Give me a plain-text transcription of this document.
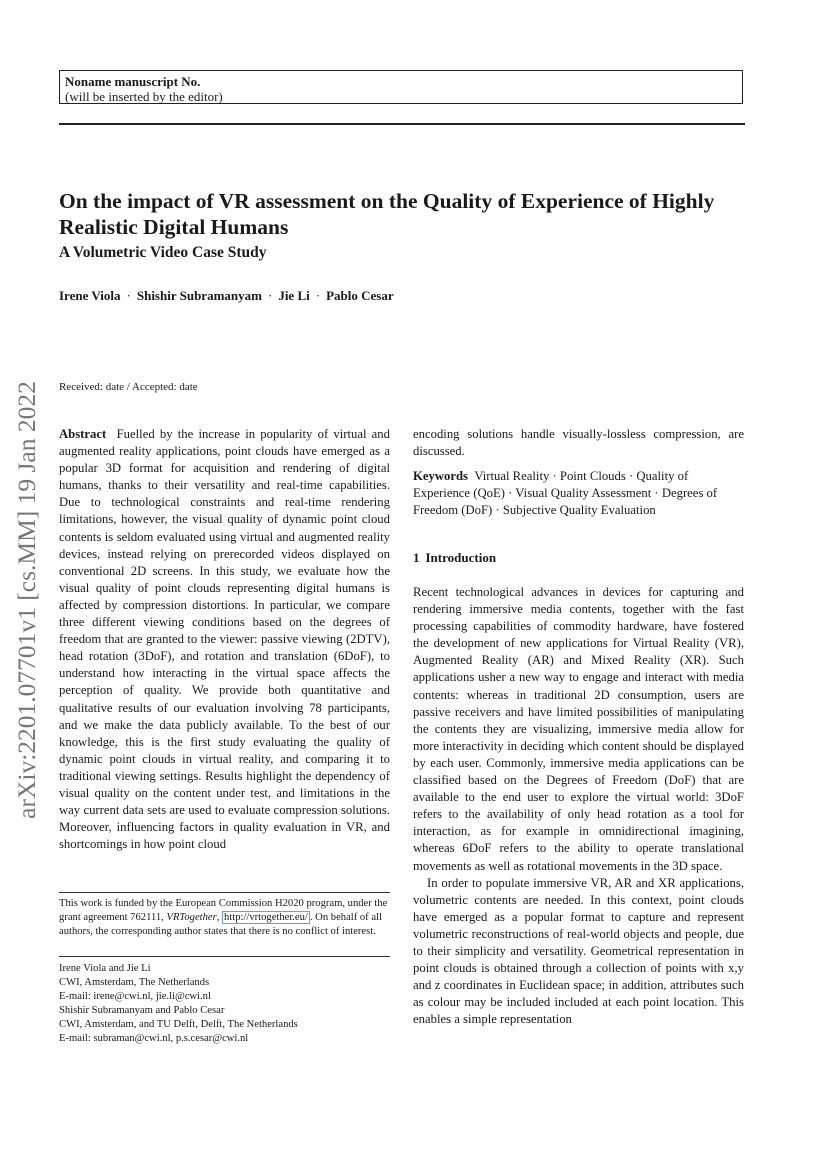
Noname manuscript No.
(will be inserted by the editor)
On the impact of VR assessment on the Quality of Experience of Highly Realistic Digital Humans
A Volumetric Video Case Study
Irene Viola · Shishir Subramanyam · Jie Li · Pablo Cesar
arXiv:2201.07701v1 [cs.MM] 19 Jan 2022 Received: date / Accepted: date

Abstract Fuelled by the increase in popularity of virtual and augmented reality applications, point clouds have emerged as a popular 3D format for acquisition and rendering of digital humans, thanks to their versatility and real-time capabilities. Due to technological constraints and real-time rendering limitations, however, the visual quality of dynamic point cloud contents is seldom evaluated using virtual and augmented reality devices, instead relying on prerecorded videos displayed on conventional 2D screens. In this study, we evaluate how the visual quality of point clouds representing digital humans is affected by compression distortions. In particular, we compare three different viewing conditions based on the degrees of freedom that are granted to the viewer: passive viewing (2DTV), head rotation (3DoF), and rotation and translation (6DoF), to understand how interacting in the virtual space affects the perception of quality. We provide both quantitative and qualitative results of our evaluation involving 78 participants, and we make the data publicly available. To the best of our knowledge, this is the first study evaluating the quality of dynamic point clouds in virtual reality, and comparing it to traditional viewing settings. Results highlight the dependency of visual quality on the content under test, and limitations in the way current data sets are used to evaluate compression solutions. Moreover, influencing factors in quality evaluation in VR, and shortcomings in how point cloud

encoding solutions handle visually-lossless compression, are discussed.

Keywords Virtual Reality · Point Clouds · Quality of Experience (QoE) · Visual Quality Assessment · Degrees of Freedom (DoF) · Subjective Quality Evaluation

1 Introduction

Recent technological advances in devices for capturing and rendering immersive media contents, together with the fast processing capabilities of commodity hardware, have fostered the development of new applications for Virtual Reality (VR), Augmented Reality (AR) and Mixed Reality (XR). Such applications usher a new way to engage and interact with media contents: whereas in traditional 2D consumption, users are passive receivers and have limited possibilities of manipulating the contents they are visualizing, immersive media allow for more interactivity in deciding which content should be displayed by each user. Commonly, immersive media applications can be classified based on the Degrees of Freedom (DoF) that are available to the end user to explore the virtual world: 3DoF refers to the availability of only head rotation as a tool for interaction, as for example in omnidirectional imagining, whereas 6DoF refers to the ability to operate translational movements as well as rotational movements in the 3D space.

In order to populate immersive VR, AR and XR applications, volumetric contents are needed. In this context, point clouds have emerged as a popular format to capture and represent volumetric reconstructions of real-world objects and people, due to their simplicity and versatility. Geometrical representation in point clouds is obtained through a collection of points with x,y and z coordinates in Euclidean space; in addition, attributes such as colour may be included included at each point location. This enables a simple representation

This work is funded by the European Commission H2020 program, under the grant agreement 762111, VRTogether, http://vrtogether.eu/ . On behalf of all authors, the corresponding author states that there is no conflict of interest.
Irene Viola and Jie Li
CWI, Amsterdam, The Netherlands
E-mail: irene@cwi.nl, jie.li@cwi.nl
Shishir Subramanyam and Pablo Cesar
CWI, Amsterdam, and TU Delft, Delft, The Netherlands
E-mail: subraman@cwi.nl, p.s.cesar@cwi.nl
